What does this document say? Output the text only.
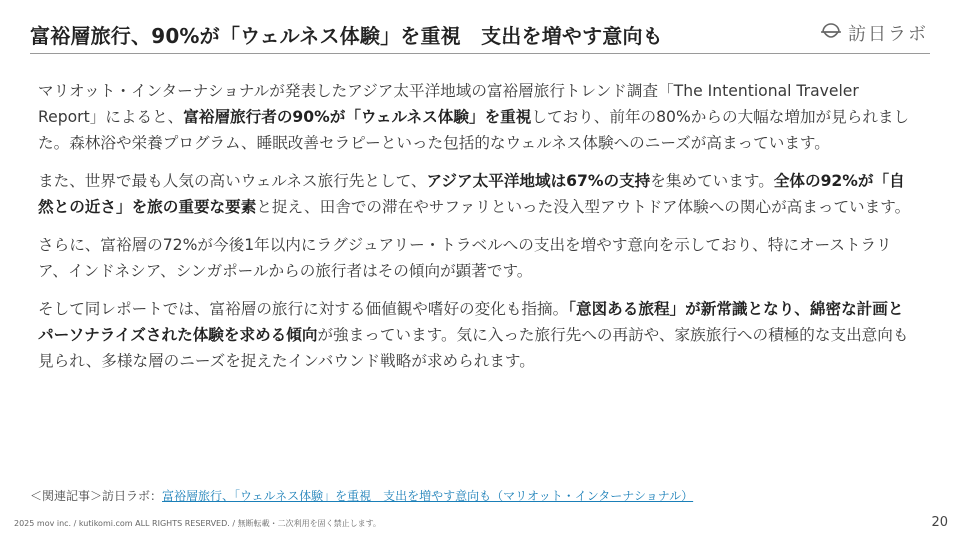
富裕層旅行、90%が「ウェルネス体験」を重視　支出を増やす意向も	訪日ラボ

マリオット・インターナショナルが発表したアジア太平洋地域の富裕層旅行トレンド調査「The Intentional Traveler Report」によると、富裕層旅行者の90%が「ウェルネス体験」を重視しており、前年の80%からの大幅な増加が見られました。森林浴や栄養プログラム、睡眠改善セラピーといった包括的なウェルネス体験へのニーズが高まっています。

また、世界で最も人気の高いウェルネス旅行先として、アジア太平洋地域は67%の支持を集めています。全体の92%が「自然との近さ」を旅の重要な要素と捉え、田舎での滞在やサファリといった没入型アウトドア体験への関心が高まっています。

さらに、富裕層の72%が今後1年以内にラグジュアリー・トラベルへの支出を増やす意向を示しており、特にオーストラリア、インドネシア、シンガポールからの旅行者はその傾向が顕著です。

そして同レポートでは、富裕層の旅行に対する価値観や嗜好の変化も指摘。「意図ある旅程」が新常識となり、綿密な計画とパーソナライズされた体験を求める傾向が強まっています。気に入った旅行先への再訪や、家族旅行への積極的な支出意向も見られ、多様な層のニーズを捉えたインバウンド戦略が求められます。

＜関連記事＞訪日ラボ：富裕層旅行、「ウェルネス体験」を重視　支出を増やす意向も（マリオット・インターナショナル）
2025 mov inc. / kutikomi.com ALL RIGHTS RESERVED. / 無断転載・二次利用を固く禁止します。	20
